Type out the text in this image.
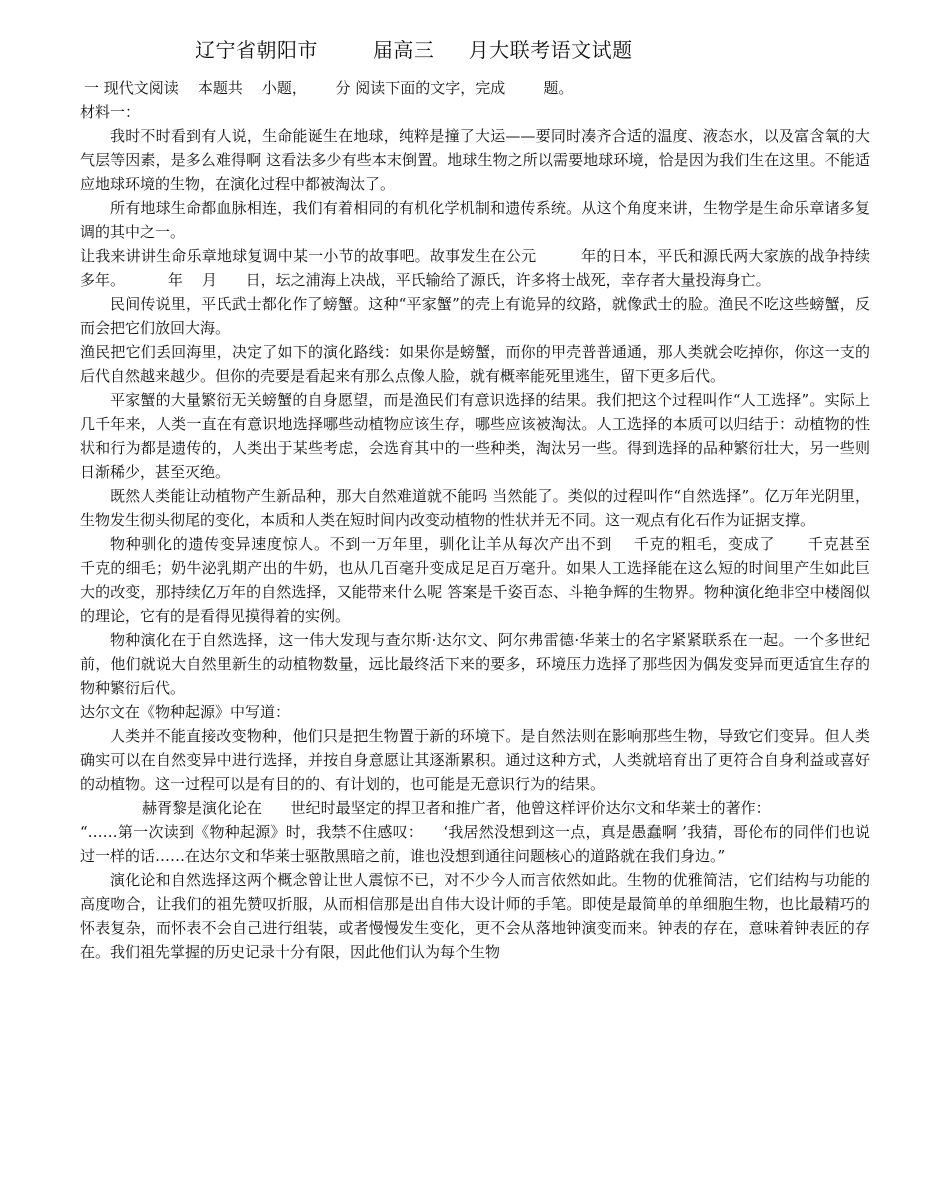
辽宁省朝阳市        届高三     月大联考语文试题
一 现代文阅读    本题共    小题，      分 阅读下面的文字，完成        题。
材料一：
我时不时看到有人说，生命能诞生在地球，纯粹是撞了大运——要同时凑齐合适的温度、液态水，以及富含氧的大气层等因素，是多么难得啊 这看法多少有些本末倒置。地球生物之所以需要地球环境，恰是因为我们生在这里。不能适应地球环境的生物，在演化过程中都被淘汰了。
所有地球生命都血脉相连，我们有着相同的有机化学机制和遗传系统。从这个角度来讲，生物学是生命乐章诸多复调的其中之一。
让我来讲讲生命乐章地球复调中某一小节的故事吧。故事发生在公元         年的日本，平氏和源氏两大家族的战争持续多年。         年    月      日，坛之浦海上决战，平氏输给了源氏，许多将士战死，幸存者大量投海身亡。
民间传说里，平氏武士都化作了螃蟹。这种“平家蟹”的壳上有诡异的纹路，就像武士的脸。渔民不吃这些螃蟹，反而会把它们放回大海。
渔民把它们丢回海里，决定了如下的演化路线：如果你是螃蟹，而你的甲壳普普通通，那人类就会吃掉你，你这一支的后代自然越来越少。但你的壳要是看起来有那么点像人脸，就有概率能死里逃生，留下更多后代。
平家蟹的大量繁衍无关螃蟹的自身愿望，而是渔民们有意识选择的结果。我们把这个过程叫作“人工选择”。实际上几千年来，人类一直在有意识地选择哪些动植物应该生存，哪些应该被淘汰。人工选择的本质可以归结于：动植物的性状和行为都是遗传的，人类出于某些考虑，会选育其中的一些种类，淘汰另一些。得到选择的品种繁衍壮大，另一些则日渐稀少，甚至灭绝。
既然人类能让动植物产生新品种，那大自然难道就不能吗 当然能了。类似的过程叫作“自然选择”。亿万年光阴里，生物发生彻头彻尾的变化，本质和人类在短时间内改变动植物的性状并无不同。这一观点有化石作为证据支撑。
物种驯化的遗传变异速度惊人。不到一万年里，驯化让羊从每次产出不到    千克的粗毛，变成了      千克甚至      千克的细毛；奶牛泌乳期产出的牛奶，也从几百毫升变成足足百万毫升。如果人工选择能在这么短的时间里产生如此巨大的改变，那持续亿万年的自然选择，又能带来什么呢 答案是千姿百态、斗艳争辉的生物界。物种演化绝非空中楼阁似的理论，它有的是看得见摸得着的实例。
物种演化在于自然选择，这一伟大发现与查尔斯·达尔文、阿尔弗雷德·华莱士的名字紧紧联系在一起。一个多世纪前，他们就说大自然里新生的动植物数量，远比最终活下来的要多，环境压力选择了那些因为偶发变异而更适宜生存的物种繁衍后代。
达尔文在《物种起源》中写道：
人类并不能直接改变物种，他们只是把生物置于新的环境下。是自然法则在影响那些生物，导致它们变异。但人类确实可以在自然变异中进行选择，并按自身意愿让其逐渐累积。通过这种方式，人类就培育出了更符合自身利益或喜好的动植物。这一过程可以是有目的的、有计划的，也可能是无意识行为的结果。
赫胥黎是演化论在      世纪时最坚定的捍卫者和推广者，他曾这样评价达尔文和华莱士的著作：
“……第一次读到《物种起源》时，我禁不住感叹：    ‘我居然没想到这一点，真是愚蠢啊 ’我猜，哥伦布的同伴们也说过一样的话……在达尔文和华莱士驱散黑暗之前，谁也没想到通往问题核心的道路就在我们身边。”
演化论和自然选择这两个概念曾让世人震惊不已，对不少今人而言依然如此。生物的优雅简洁，它们结构与功能的高度吻合，让我们的祖先赞叹折服，从而相信那是出自伟大设计师的手笔。即使是最简单的单细胞生物，也比最精巧的怀表复杂，而怀表不会自己进行组装，或者慢慢发生变化，更不会从落地钟演变而来。钟表的存在，意味着钟表匠的存在。我们祖先掌握的历史记录十分有限，因此他们认为每个生物
